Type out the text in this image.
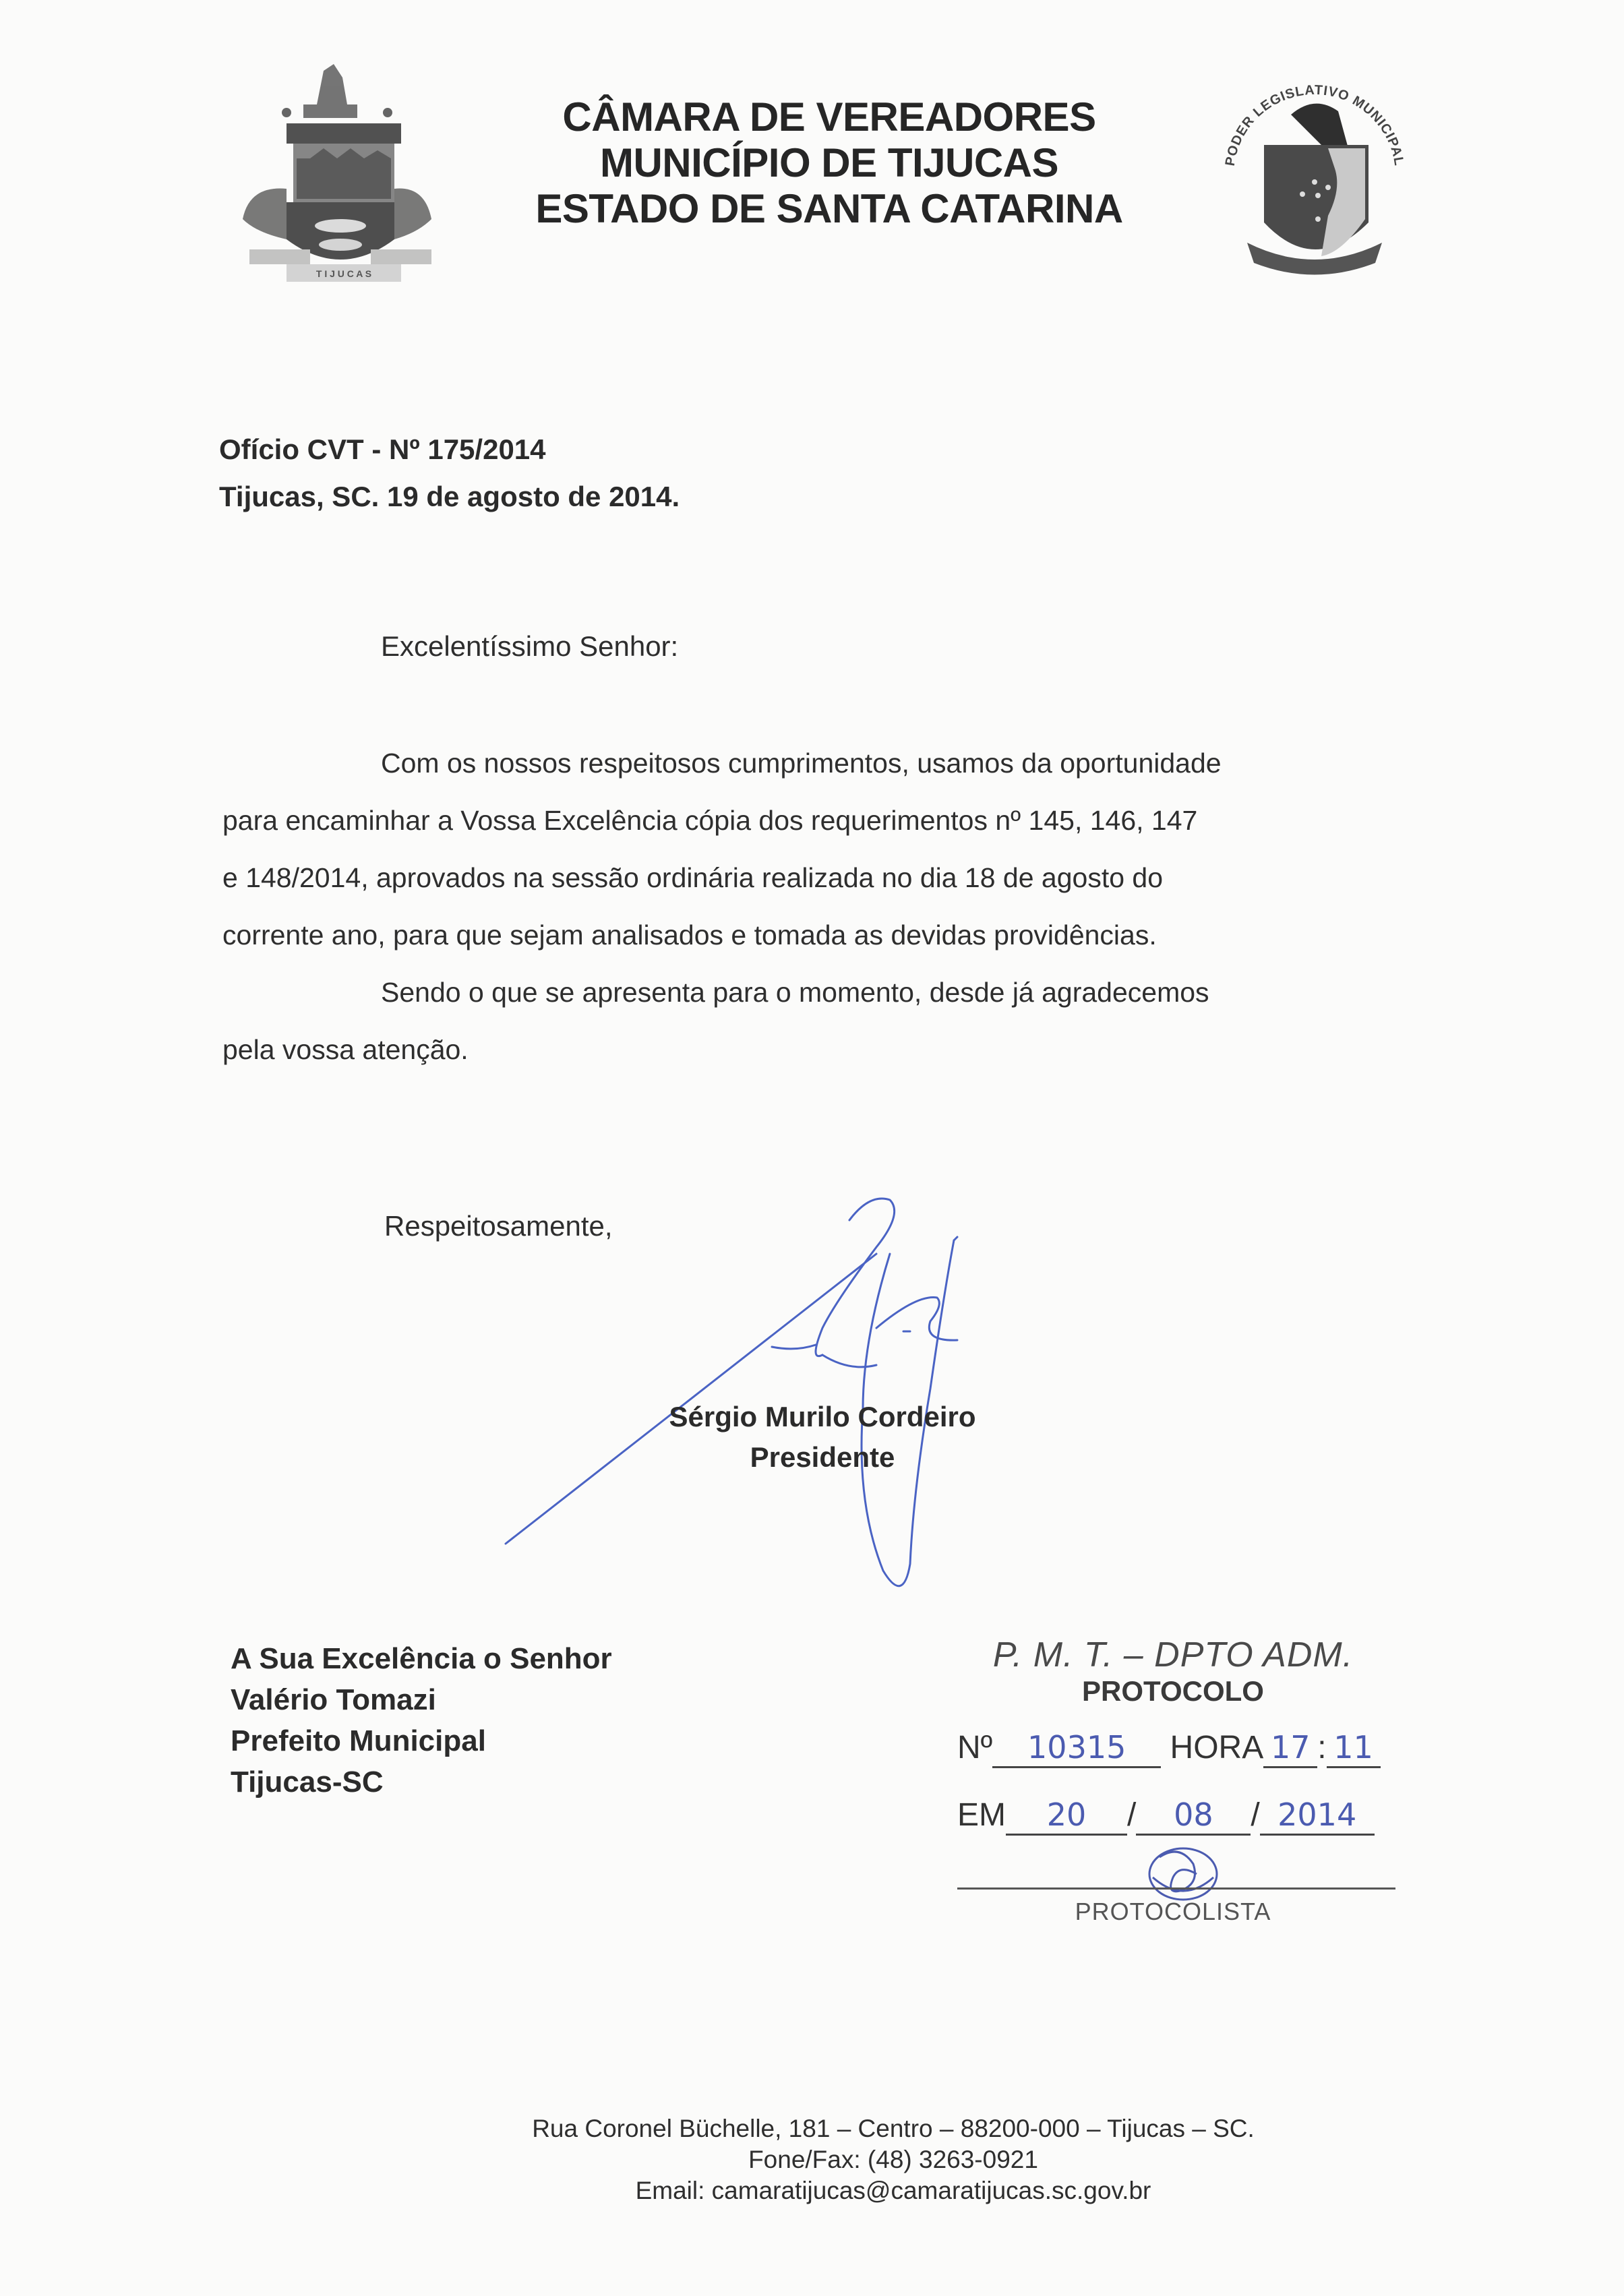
T I J U C A S
CÂMARA DE VEREADORES
MUNICÍPIO DE TIJUCAS
ESTADO DE SANTA CATARINA
PODER LEGISLATIVO MUNICIPAL
Ofício CVT - Nº 175/2014
Tijucas, SC. 19 de agosto de 2014.
Excelentíssimo Senhor:
Com os nossos respeitosos cumprimentos, usamos da oportunidade
para encaminhar a Vossa Excelência cópia dos requerimentos nº 145, 146, 147
e 148/2014, aprovados na sessão ordinária realizada no dia 18 de agosto do
corrente ano, para que sejam analisados e tomada as devidas providências.
Sendo o que se apresenta para o momento, desde já agradecemos
pela vossa atenção.
Respeitosamente,
Sérgio Murilo Cordeiro
Presidente
A Sua Excelência o Senhor
Valério Tomazi
Prefeito Municipal
Tijucas-SC
P. M. T. – DPTO ADM.
PROTOCOLO
Nº 10315 HORA 17 : 11
EM 20 / 08 / 2014
PROTOCOLISTA
Rua Coronel Büchelle, 181 – Centro – 88200-000 – Tijucas – SC.
Fone/Fax: (48) 3263-0921
Email: camaratijucas@camaratijucas.sc.gov.br
